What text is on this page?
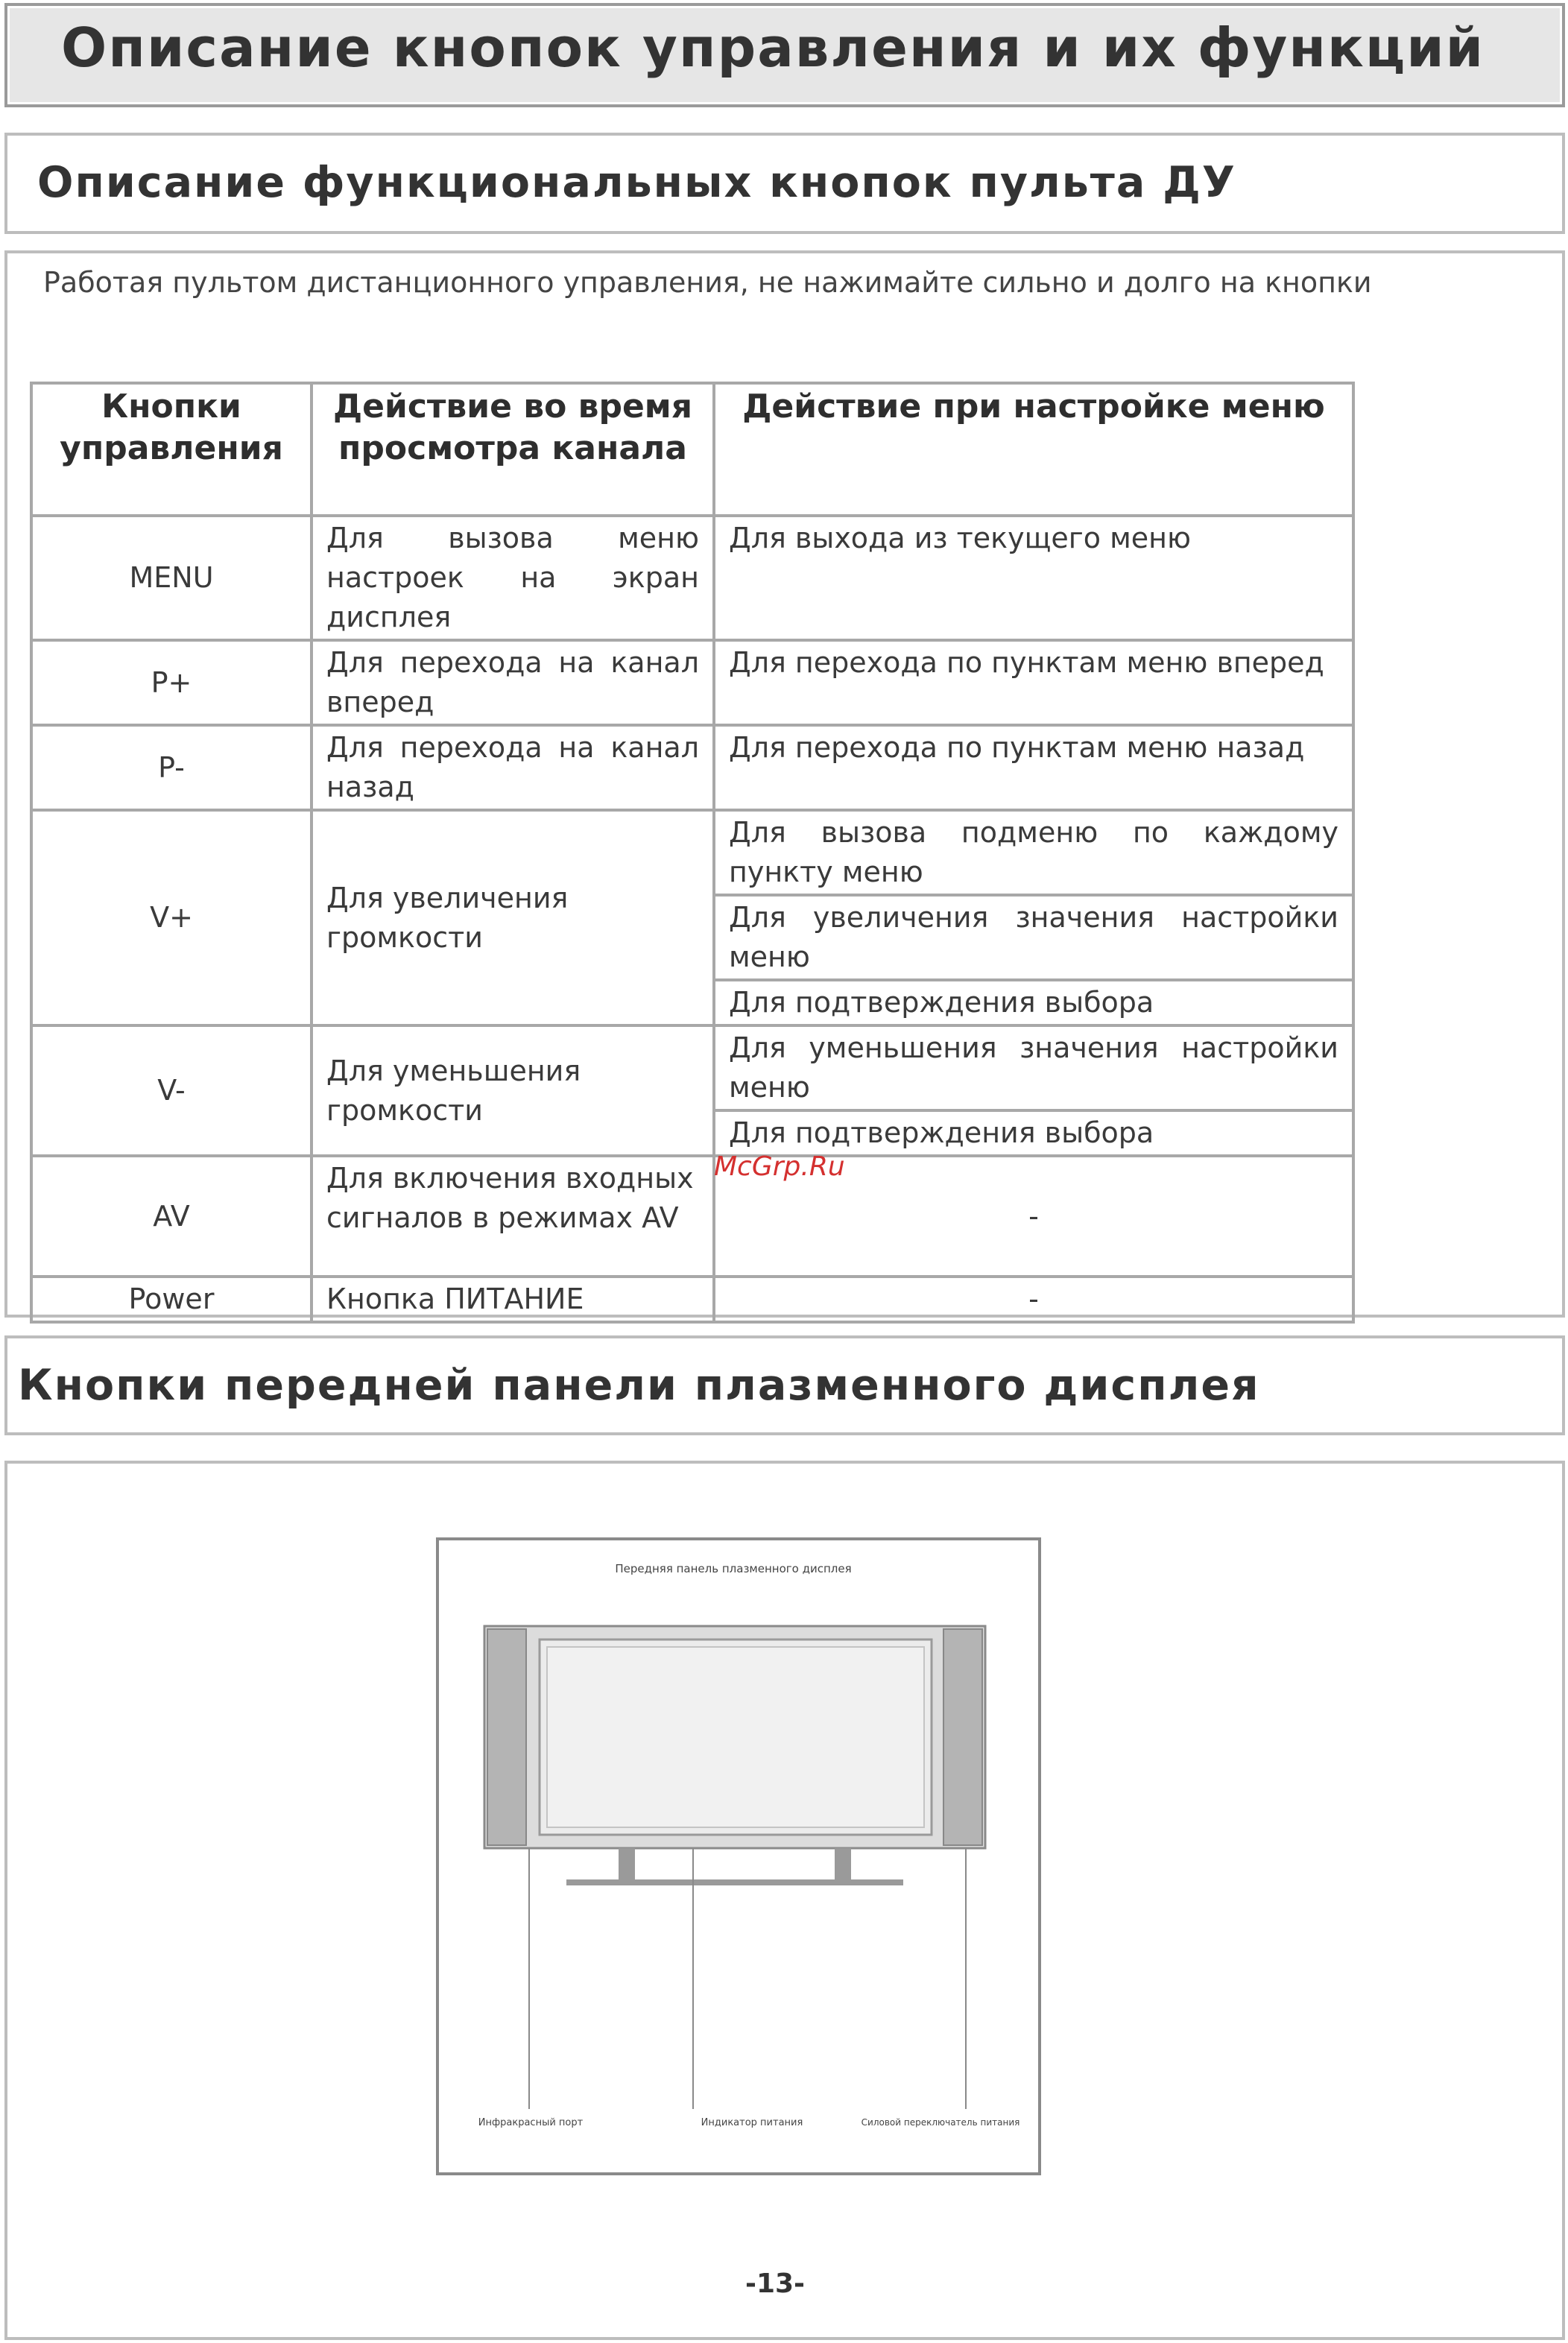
Описание кнопок управления и их функций
Описание функциональных кнопок пульта ДУ
Работая пультом дистанционного управления, не нажимайте сильно и долго на кнопки
Кнопки управления	Действие во время просмотра канала	Действие при настройке меню
MENU	Для вызова меню настроек на экран дисплея	Для выхода из текущего меню
P+	Для перехода на канал вперед	Для перехода по пунктам меню вперед
P-	Для перехода на канал назад	Для перехода по пунктам меню назад
V+	Для увеличения громкости	Для вызова подменю по каждому пункту меню
		Для увеличения значения настройки меню
		Для подтверждения выбора
V-	Для уменьшения громкости	Для уменьшения значения настройки меню
		Для подтверждения выбора
AV	Для включения входных сигналов в режимах AV	-
Power	Кнопка ПИТАНИЕ	-
McGrp.Ru
Кнопки передней панели плазменного дисплея
Передняя панель плазменного дисплея
Инфракрасный порт	Индикатор питания	Силовой переключатель питания
-13-
